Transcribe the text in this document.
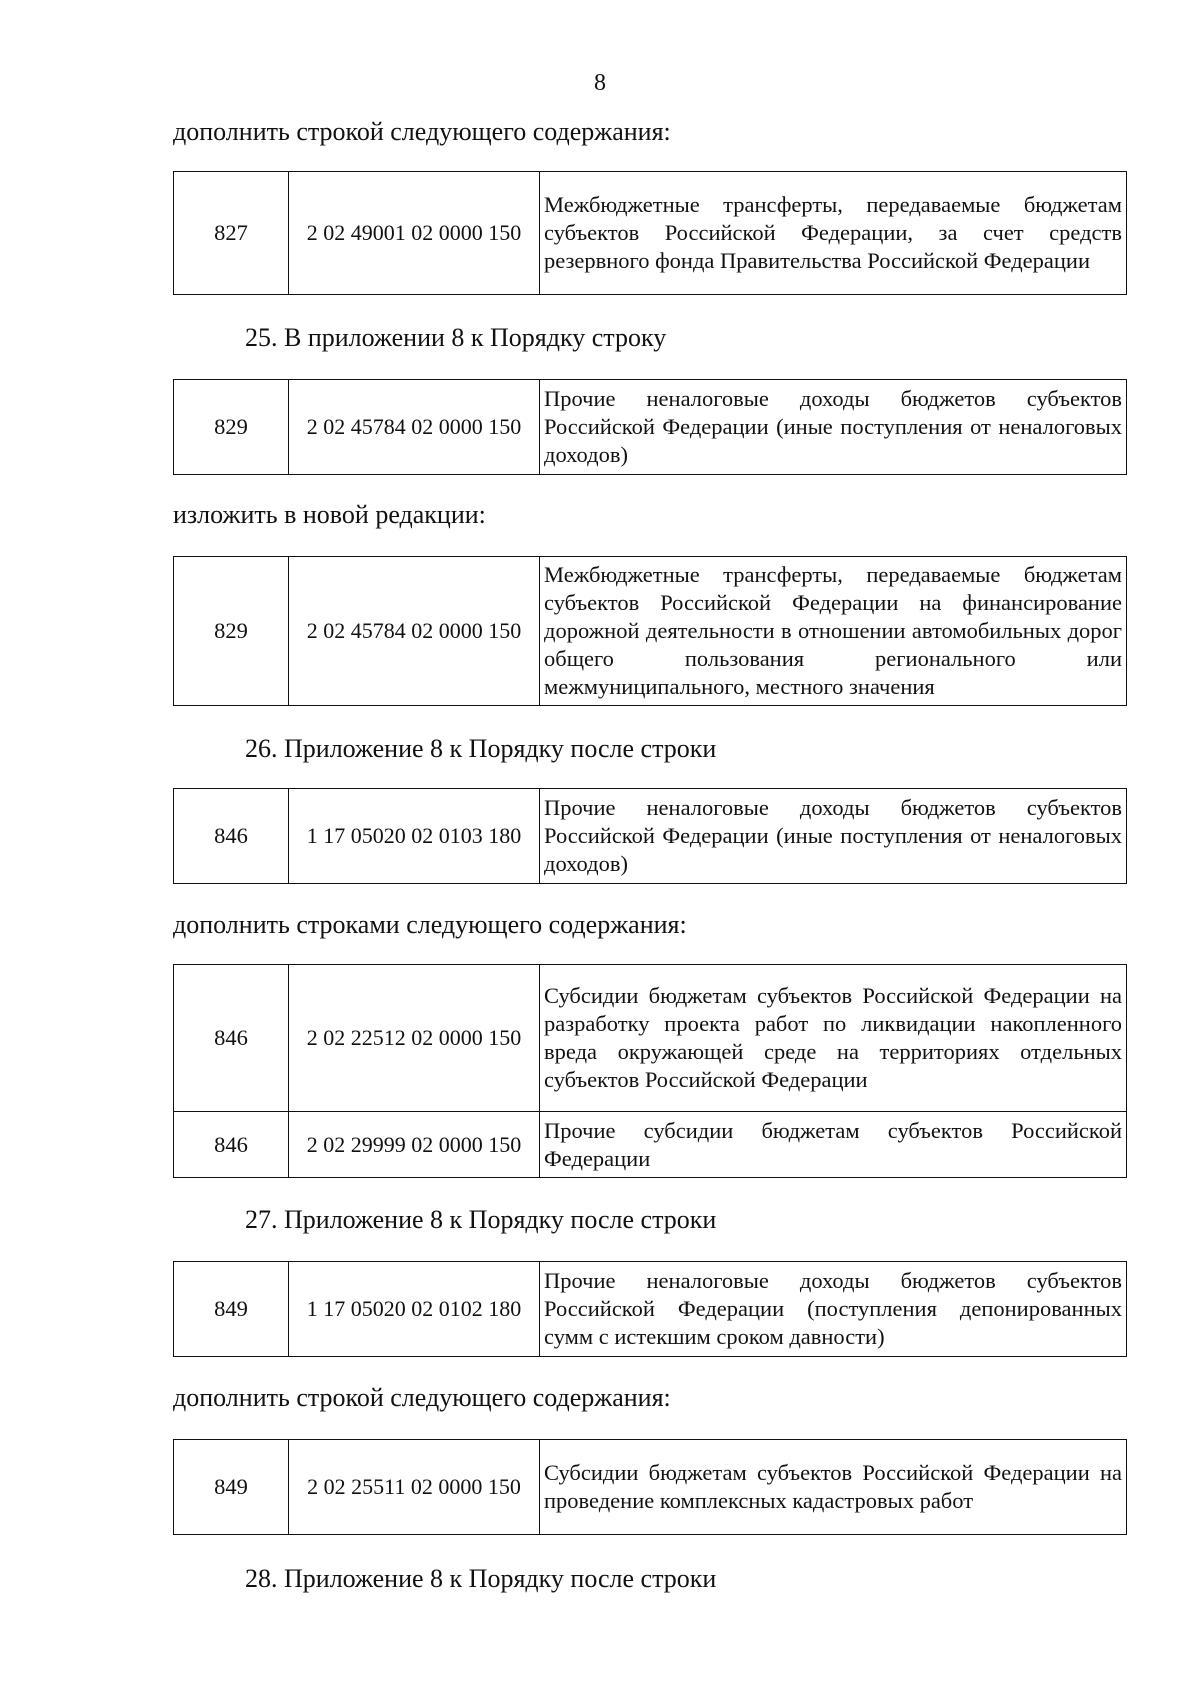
8
дополнить строкой следующего содержания:
827	2 02 49001 02 0000 150	Межбюджетные трансферты, передаваемые бюджетам субъектов Российской Федерации, за счет средств резервного фонда Правительства Российской Федерации
25. В приложении 8 к Порядку строку
829	2 02 45784 02 0000 150	Прочие неналоговые доходы бюджетов субъектов Российской Федерации (иные поступления от неналоговых доходов)
изложить в новой редакции:
829	2 02 45784 02 0000 150	Межбюджетные трансферты, передаваемые бюджетам субъектов Российской Федерации на финансирование дорожной деятельности в отношении автомобильных дорог общего пользования регионального или межмуниципального, местного значения
26. Приложение 8 к Порядку после строки
846	1 17 05020 02 0103 180	Прочие неналоговые доходы бюджетов субъектов Российской Федерации (иные поступления от неналоговых доходов)
дополнить строками следующего содержания:
846	2 02 22512 02 0000 150	Субсидии бюджетам субъектов Российской Федерации на разработку проекта работ по ликвидации накопленного вреда окружающей среде на территориях отдельных субъектов Российской Федерации
846	2 02 29999 02 0000 150	Прочие субсидии бюджетам субъектов Российской Федерации
27. Приложение 8 к Порядку после строки
849	1 17 05020 02 0102 180	Прочие неналоговые доходы бюджетов субъектов Российской Федерации (поступления депонированных сумм с истекшим сроком давности)
дополнить строкой следующего содержания:
849	2 02 25511 02 0000 150	Субсидии бюджетам субъектов Российской Федерации на проведение комплексных кадастровых работ
28. Приложение 8 к Порядку после строки
